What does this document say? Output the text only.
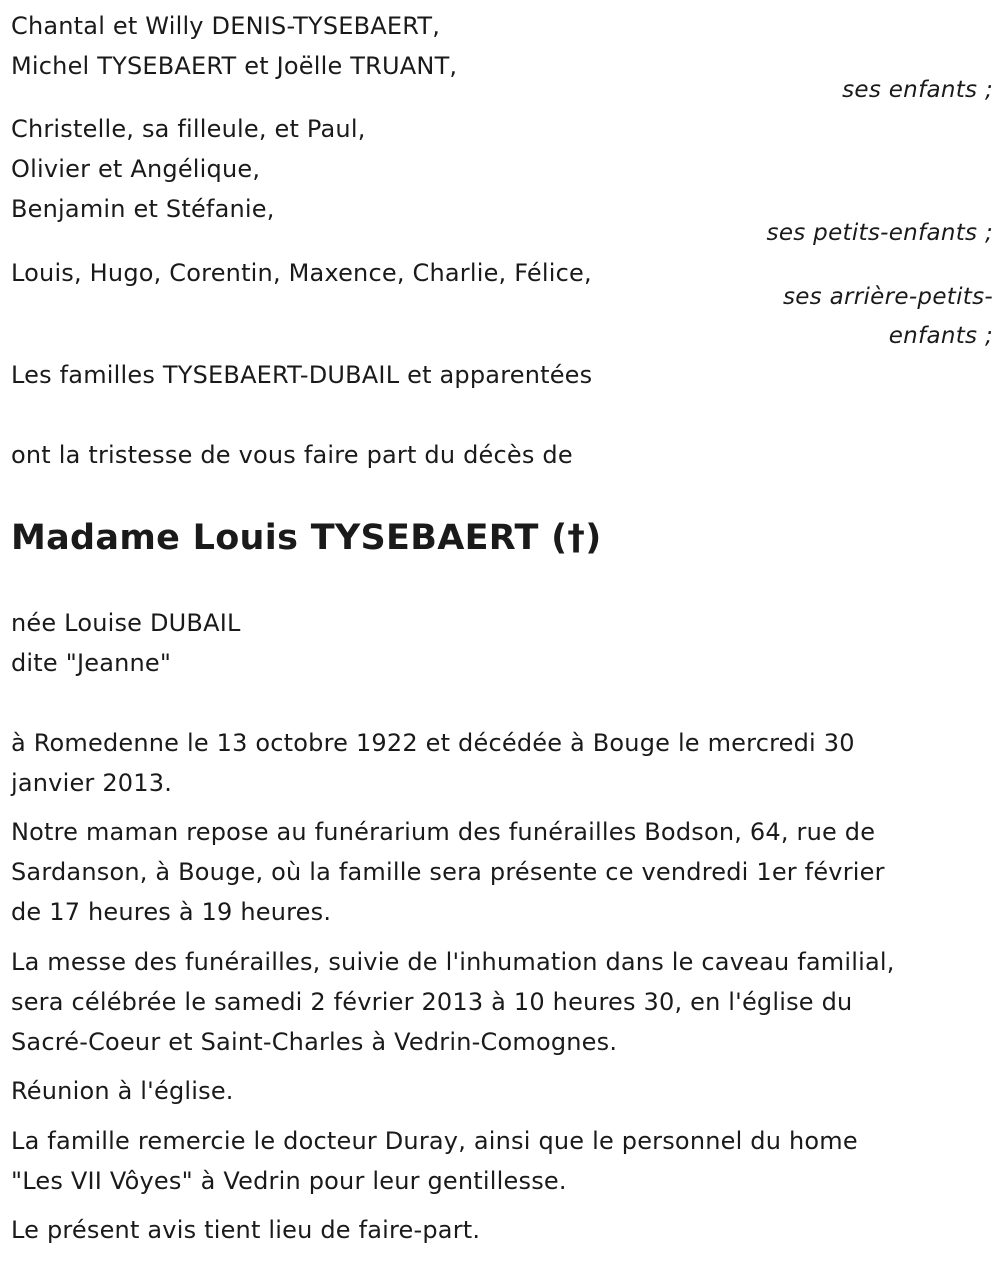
Chantal et Willy DENIS-TYSEBAERT,
Michel TYSEBAERT et Joëlle TRUANT,
ses enfants ;
Christelle, sa filleule, et Paul,
Olivier et Angélique,
Benjamin et Stéfanie,
ses petits-enfants ;
Louis, Hugo, Corentin, Maxence, Charlie, Félice,
ses arrière-petits-
enfants ;
Les familles TYSEBAERT-DUBAIL et apparentées
ont la tristesse de vous faire part du décès de
Madame Louis TYSEBAERT (†)
née Louise DUBAIL
dite "Jeanne"
à Romedenne le 13 octobre 1922 et décédée à Bouge le mercredi 30
janvier 2013.
Notre maman repose au funérarium des funérailles Bodson, 64, rue de
Sardanson, à Bouge, où la famille sera présente ce vendredi 1er février
de 17 heures à 19 heures.
La messe des funérailles, suivie de l'inhumation dans le caveau familial,
sera célébrée le samedi 2 février 2013 à 10 heures 30, en l'église du
Sacré-Coeur et Saint-Charles à Vedrin-Comognes.
Réunion à l'église.
La famille remercie le docteur Duray, ainsi que le personnel du home
"Les VII Vôyes" à Vedrin pour leur gentillesse.
Le présent avis tient lieu de faire-part.
